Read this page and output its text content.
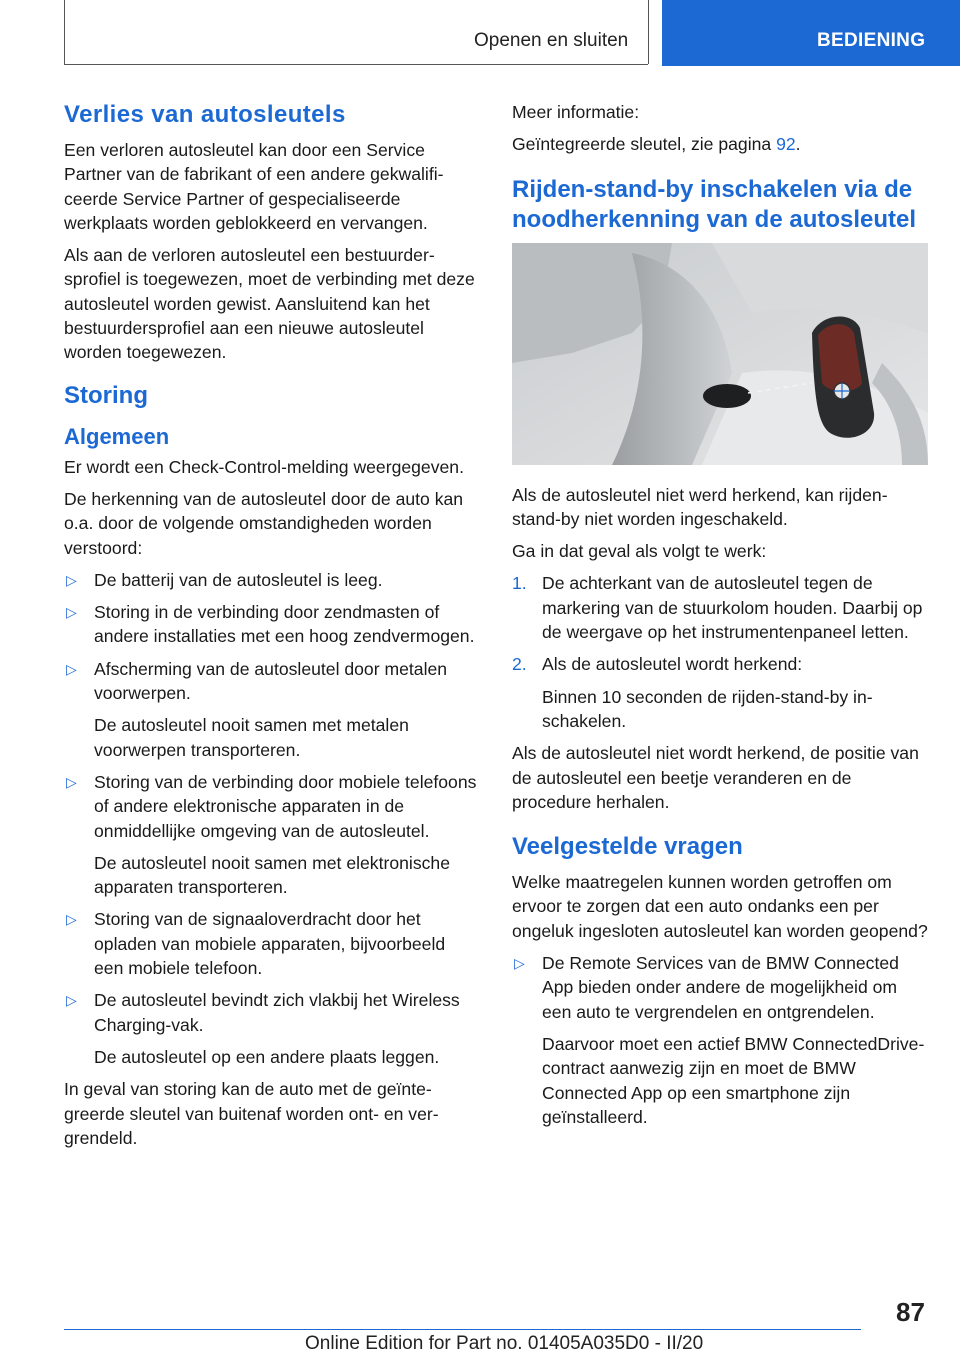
Openen en sluiten	BEDIENING
Verlies van autosleutels

Een verloren autosleutel kan door een Service Partner van de fabrikant of een andere gekwalificeerde Service Partner of gespecialiseerde werkplaats worden geblokkeerd en vervangen.

Als aan de verloren autosleutel een bestuurdersprofiel is toegewezen, moet de verbinding met deze autosleutel worden gewist. Aansluitend kan het bestuurdersprofiel aan een nieuwe autosleutel worden toegewezen.

Storing
Algemeen

Er wordt een Check-Control-melding weergegeven.

De herkenning van de autosleutel door de auto kan o.a. door de volgende omstandigheden worden verstoord:

▷ De batterij van de autosleutel is leeg.
▷ Storing in de verbinding door zendmasten of andere installaties met een hoog zendvermogen.
▷ Afscherming van de autosleutel door metalen voorwerpen.
De autosleutel nooit samen met metalen voorwerpen transporteren.
▷ Storing van de verbinding door mobiele telefoons of andere elektronische apparaten in de onmiddellijke omgeving van de autosleutel.
De autosleutel nooit samen met elektronische apparaten transporteren.
▷ Storing van de signaaloverdracht door het opladen van mobiele apparaten, bijvoorbeeld een mobiele telefoon.
▷ De autosleutel bevindt zich vlakbij het Wireless Charging-vak.
De autosleutel op een andere plaats leggen.

In geval van storing kan de auto met de geïntegreerde sleutel van buitenaf worden ont- en vergrendeld.

Meer informatie:

Geïntegreerde sleutel, zie pagina 92.

Rijden-stand-by inschakelen via de noodherkenning van de autosleutel

Als de autosleutel niet werd herkend, kan rijden-stand-by niet worden ingeschakeld.

Ga in dat geval als volgt te werk:

1. De achterkant van de autosleutel tegen de markering van de stuurkolom houden. Daarbij op de weergave op het instrumentenpaneel letten.
2. Als de autosleutel wordt herkend:
Binnen 10 seconden de rijden-stand-by inschakelen.

Als de autosleutel niet wordt herkend, de positie van de autosleutel een beetje veranderen en de procedure herhalen.

Veelgestelde vragen

Welke maatregelen kunnen worden getroffen om ervoor te zorgen dat een auto ondanks een per ongeluk ingesloten autosleutel kan worden geopend?

▷ De Remote Services van de BMW Connected App bieden onder andere de mogelijkheid om een auto te vergrendelen en ontgrendelen.
Daarvoor moet een actief BMW ConnectedDrive-contract aanwezig zijn en moet de BMW Connected App op een smartphone zijn geïnstalleerd.
87
Online Edition for Part no. 01405A035D0 - II/20
